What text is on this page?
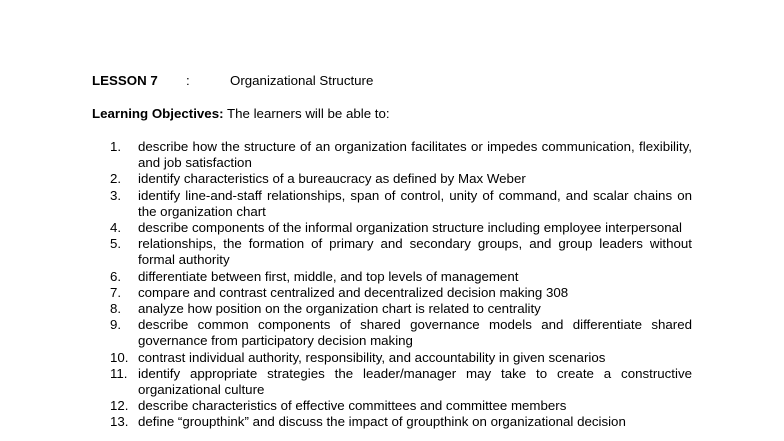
LESSON 7 :	Organizational Structure
Learning Objectives: The learners will be able to:
1.	describe how the structure of an organization facilitates or impedes communication, flexibility, and job satisfaction
2.	identify characteristics of a bureaucracy as defined by Max Weber
3.	identify line-and-staff relationships, span of control, unity of command, and scalar chains on the organization chart
4.	describe components of the informal organization structure including employee interpersonal
5.	relationships, the formation of primary and secondary groups, and group leaders without formal authority
6.	differentiate between first, middle, and top levels of management
7.	compare and contrast centralized and decentralized decision making 308
8.	analyze how position on the organization chart is related to centrality
9.	describe common components of shared governance models and differentiate shared governance from participatory decision making
10. contrast individual authority, responsibility, and accountability in given scenarios
11. identify appropriate strategies the leader/manager may take to create a constructive organizational culture
12. describe characteristics of effective committees and committee members
13. define “groupthink” and discuss the impact of groupthink on organizational decision
